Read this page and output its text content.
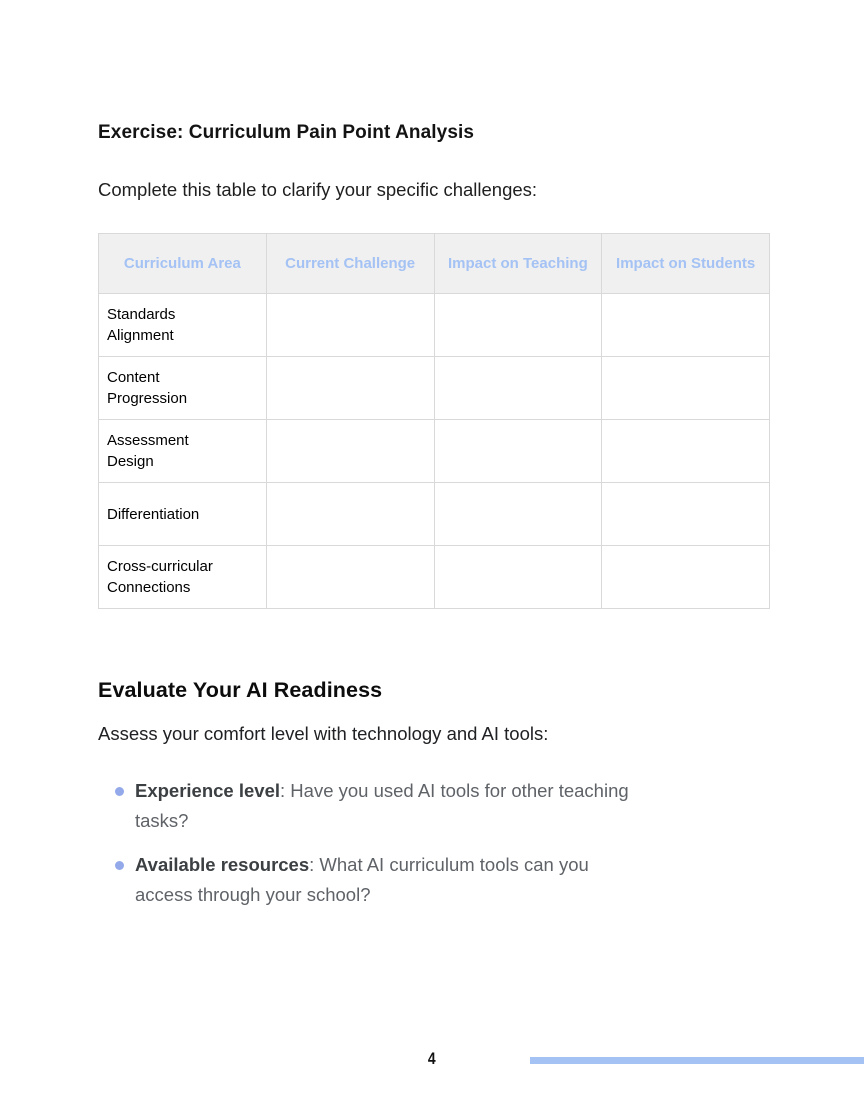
Exercise: Curriculum Pain Point Analysis
Complete this table to clarify your specific challenges:
Curriculum Area	Current Challenge	Impact on Teaching	Impact on Students
Standards Alignment			
Content Progression			
Assessment Design			
Differentiation			
Cross-curricular Connections			
Evaluate Your AI Readiness
Assess your comfort level with technology and AI tools:
Experience level: Have you used AI tools for other teaching tasks?
Available resources: What AI curriculum tools can you access through your school?
4
